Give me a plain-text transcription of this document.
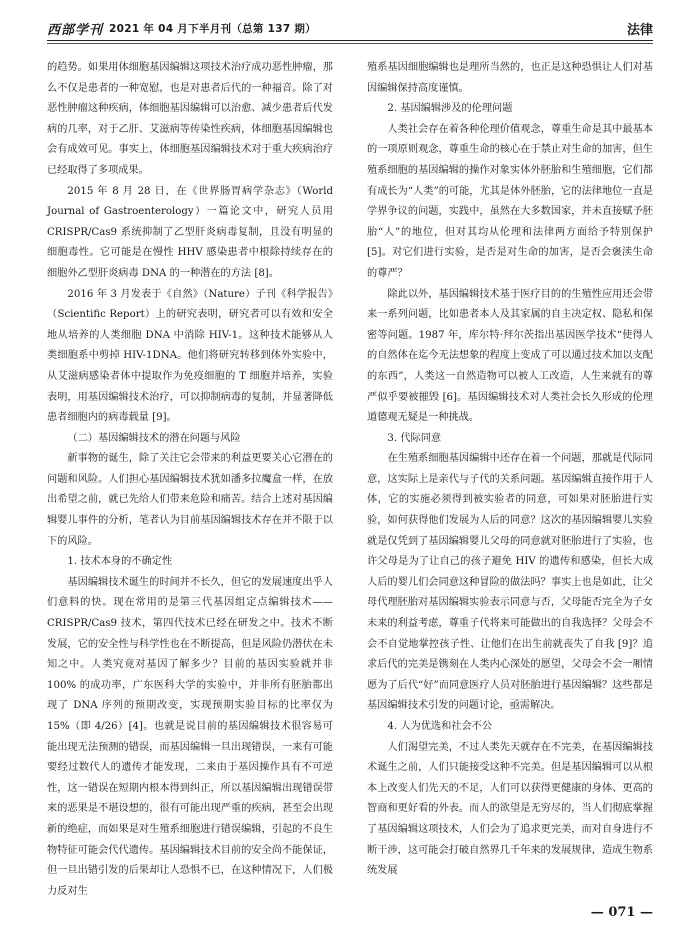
西部学刊 2021 年 04 月下半月刊（总第 137 期）	法律

的趋势。如果用体细胞基因编辑这项技术治疗成功恶性肿瘤，那么不仅是患者的一种宽慰，也是对患者后代的一种福音。除了对恶性肿瘤这种疾病，体细胞基因编辑可以治愈、减少患者后代发病的几率，对于乙肝、艾滋病等传染性疾病，体细胞基因编辑也会有成效可见。事实上，体细胞基因编辑技术对于重大疾病治疗已经取得了多项成果。

2015 年 8 月 28 日，在《世界肠胃病学杂志》（World Journal of Gastroenterology）一篇论文中，研究人员用 CRISPR/Cas9 系统抑制了乙型肝炎病毒复制，且没有明显的细胞毒性。它可能是在慢性 HHV 感染患者中根除持续存在的细胞外乙型肝炎病毒 DNA 的一种潜在的方法 [8]。

2016 年 3 月发表于《自然》（Nature）子刊《科学报告》（Scientific Report）上的研究表明，研究者可以有效和安全地从培养的人类细胞 DNA 中消除 HIV-1。这种技术能够从人类细胞系中剪掉 HIV-1DNA。他们将研究转移到体外实验中，从艾滋病感染者体中提取作为免疫细胞的 T 细胞并培养，实验表明，用基因编辑技术治疗，可以抑制病毒的复制，并显著降低患者细胞内的病毒载量 [9]。

（二）基因编辑技术的潜在问题与风险

新事物的诞生，除了关注它会带来的利益更要关心它潜在的问题和风险。人们担心基因编辑技术犹如潘多拉魔盒一样，在放出希望之前，就已先给人们带来危险和痛苦。结合上述对基因编辑婴儿事件的分析，笔者认为目前基因编辑技术存在并不限于以下的风险。

1. 技术本身的不确定性

基因编辑技术诞生的时间并不长久，但它的发展速度出乎人们意料的快。现在常用的是第三代基因组定点编辑技术——CRISPR/Cas9 技术，第四代技术已经在研发之中。技术不断发展，它的安全性与科学性也在不断提高，但是风险仍潜伏在未知之中。人类究竟对基因了解多少？目前的基因实验就并非 100% 的成功率，广东医科大学的实验中，并非所有胚胎都出现了 DNA 序列的预期改变，实现预期实验目标的比率仅为 15%（即 4/26）[4]。也就是说目前的基因编辑技术很容易可能出现无法预测的错误，而基因编辑一旦出现错误，一来有可能要经过数代人的遗传才能发现，二来由于基因操作具有不可逆性，这一错误在短期内根本得到纠正，所以基因编辑出现错误带来的恶果是不堪设想的，很有可能出现严重的疾病，甚至会出现新的绝症，而如果是对生殖系细胞进行错误编辑，引起的不良生物特征可能会代代遗传。基因编辑技术目前的安全尚不能保证，但一旦出错引发的后果却让人恐惧不已，在这种情况下，人们极力反对生

殖系基因细胞编辑也是理所当然的，也正是这种恐惧让人们对基因编辑保持高度谨慎。

2. 基因编辑涉及的伦理问题

人类社会存在着各种伦理价值观念，尊重生命是其中最基本的一项原则观念，尊重生命的核心在于禁止对生命的加害，但生殖系细胞的基因编辑的操作对象实体外胚胎和生殖细胞，它们都有成长为“人类”的可能，尤其是体外胚胎，它的法律地位一直是学界争议的问题，实践中，虽然在大多数国家，并未直接赋予胚胎“人”的地位，但对其均从伦理和法律两方面给予特别保护 [5]。对它们进行实验，是否是对生命的加害，是否会褒渎生命的尊严？

除此以外，基因编辑技术基于医疗目的的生殖性应用还会带来一系列问题，比如患者本人及其家属的自主决定权、隐私和保密等问题。1987 年，库尔特·拜尔茨指出基因医学技术“使得人的自然体在迄今无法想象的程度上变成了可以通过技术加以支配的东西”，人类这一自然造物可以被人工改造，人生来就有的尊严似乎要被摧毁 [6]。基因编辑技术对人类社会长久形成的伦理道德观无疑是一种挑战。

3. 代际同意

在生殖系细胞基因编辑中还存在着一个问题，那就是代际同意，这实际上是亲代与子代的关系问题。基因编辑直接作用于人体，它的实施必须得到被实验者的同意，可如果对胚胎进行实验，如何获得他们发展为人后的同意？这次的基因编辑婴儿实验就是仅凭到了基因编辑婴儿父母的同意就对胚胎进行了实验，也许父母是为了让自己的孩子避免 HIV 的遗传和感染，但长大成人后的婴儿们会同意这种冒险的做法吗？事实上也是如此，让父母代理胚胎对基因编辑实验表示同意与否，父母能否完全为子女未来的利益考虑，尊重子代将来可能做出的自我选择？父母会不会不自觉地掌控孩子性、让他们在出生前就丧失了自我 [9]？追求后代的完美是镌刻在人类内心深处的愿望，父母会不会一厢情愿为了后代“好”而同意医疗人员对胚胎进行基因编辑？这些都是基因编辑技术引发的问题讨论，亟需解决。

4. 人为优选和社会不公

人们渴望完美，不过人类先天就存在不完美，在基因编辑技术诞生之前，人们只能接受这种不完美。但是基因编辑可以从根本上改变人们先天的不足，人们可以获得更健康的身体、更高的智商和更好看的外表。而人的欲望是无穷尽的，当人们彻底掌握了基因编辑这项技术，人们会为了追求更完美，而对自身进行不断干涉，这可能会打破自然界几千年来的发展规律，造成生物系统发展

— 071 —
